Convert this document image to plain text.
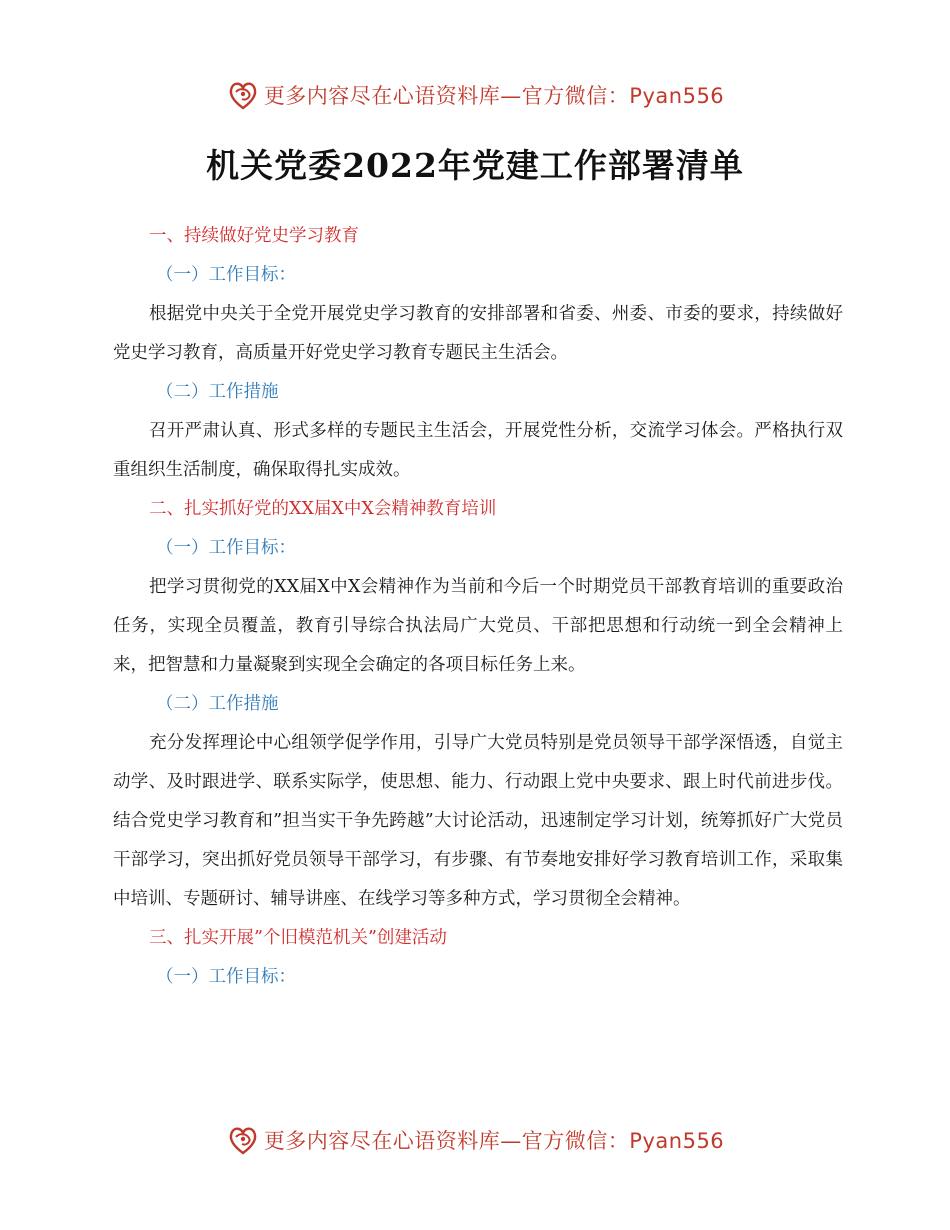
更多内容尽在心语资料库—官方微信：Pyan556
机关党委2022年党建工作部署清单
一、持续做好党史学习教育
（一）工作目标：

根据党中央关于全党开展党史学习教育的安排部署和省委、州委、市委的要求，持续做好党史学习教育，高质量开好党史学习教育专题民主生活会。

（二）工作措施

召开严肃认真、形式多样的专题民主生活会，开展党性分析，交流学习体会。严格执行双重组织生活制度，确保取得扎实成效。

二、扎实抓好党的XX届X中X会精神教育培训
（一）工作目标：

把学习贯彻党的XX届X中X会精神作为当前和今后一个时期党员干部教育培训的重要政治任务，实现全员覆盖，教育引导综合执法局广大党员、干部把思想和行动统一到全会精神上来，把智慧和力量凝聚到实现全会确定的各项目标任务上来。

（二）工作措施

充分发挥理论中心组领学促学作用，引导广大党员特别是党员领导干部学深悟透，自觉主动学、及时跟进学、联系实际学，使思想、能力、行动跟上党中央要求、跟上时代前进步伐。结合党史学习教育和”担当实干争先跨越”大讨论活动，迅速制定学习计划，统筹抓好广大党员干部学习，突出抓好党员领导干部学习，有步骤、有节奏地安排好学习教育培训工作，采取集中培训、专题研讨、辅导讲座、在线学习等多种方式，学习贯彻全会精神。

三、扎实开展”个旧模范机关”创建活动
（一）工作目标：
更多内容尽在心语资料库—官方微信：Pyan556
